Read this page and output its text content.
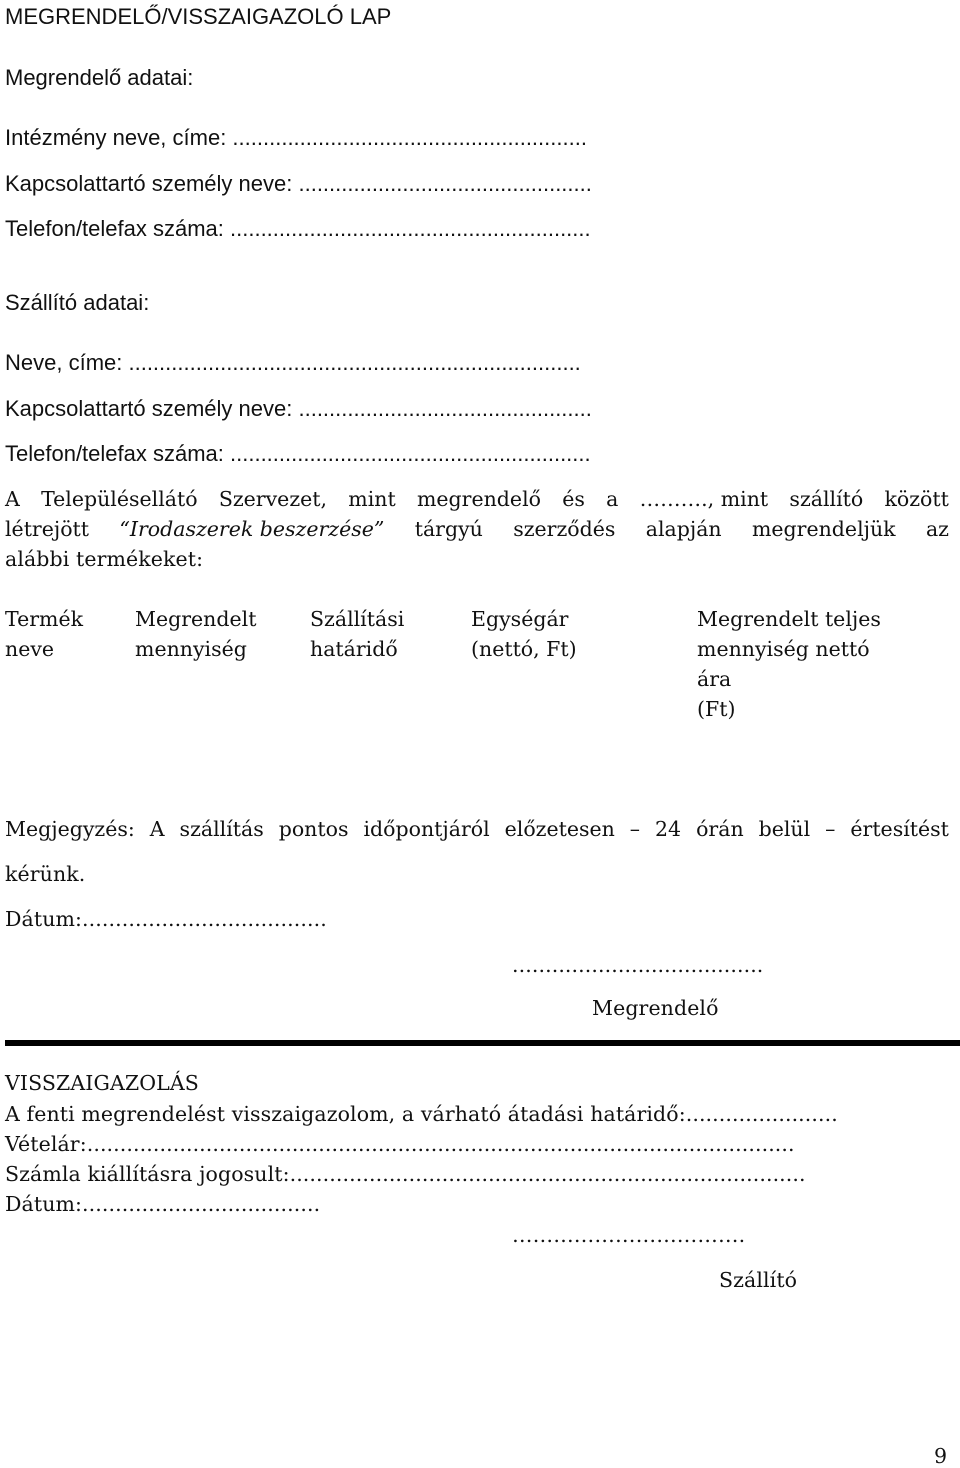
MEGRENDELŐ/VISSZAIGAZOLÓ LAP
Megrendelő adatai:
Intézmény neve, címe: ..........................................................
Kapcsolattartó személy neve: ................................................
Telefon/telefax száma: ...........................................................
Szállító adatai:
Neve, címe: ..........................................................................
Kapcsolattartó személy neve: ................................................
Telefon/telefax száma: ...........................................................
A Településellátó Szervezet, mint megrendelő és a ………., mint szállító között
létrejött “Irodaszerek beszerzése” tárgyú szerződés alapján megrendeljük az
alábbi termékeket:
Termék
neve
Megrendelt
mennyiség
Szállítási
határidő
Egységár
(nettó, Ft)
Megrendelt teljes
mennyiség nettó
ára
(Ft)
Megjegyzés: A szállítás pontos időpontjáról előzetesen – 24 órán belül – értesítést
kérünk.
Dátum:.....................................
......................................
Megrendelő
VISSZAIGAZOLÁS
A fenti megrendelést visszaigazolom, a várható átadási határidő:.......................
Vételár:...........................................................................................................
Számla kiállításra jogosult:..............................................................................
Dátum:....................................
…………………………….
Szállító
9
